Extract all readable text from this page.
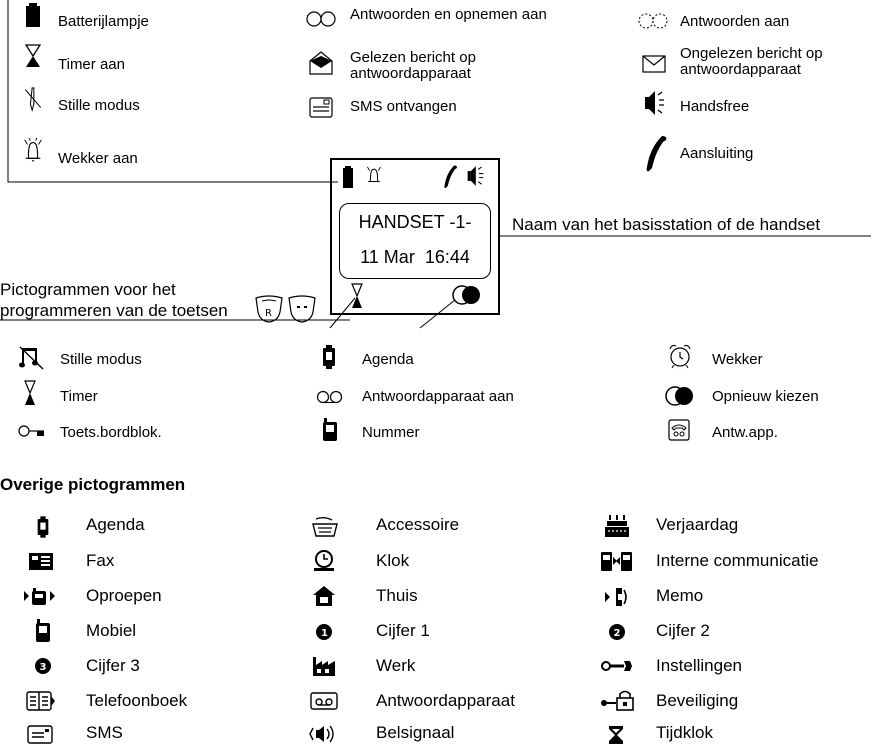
Batterijlampje
Timer aan
Stille modus
Wekker aan
Antwoorden en opnemen aan
Gelezen bericht op antwoordapparaat
SMS ontvangen
Antwoorden aan
Ongelezen bericht op antwoordapparaat
Handsfree
Aansluiting
HANDSET -1-
11 Mar 16:44
Naam van het basisstation of de handset
Pictogrammen voor het
programmeren van de toetsen	R
Stille modus
Timer
Toets.bordblok.
Agenda
Antwoordapparaat aan
Nummer
Wekker
Opnieuw kiezen
Antw.app.
Overige pictogrammen
Agenda
Fax
Oproepen
Mobiel
3 Cijfer 3
Telefoonboek
SMS
Accessoire
Klok
Thuis
1	Cijfer 1
Werk
Antwoordapparaat
Belsignaal
Verjaardag
Interne communicatie
Memo
2 Cijfer 2
Instellingen
Beveiliging
Tijdklok
